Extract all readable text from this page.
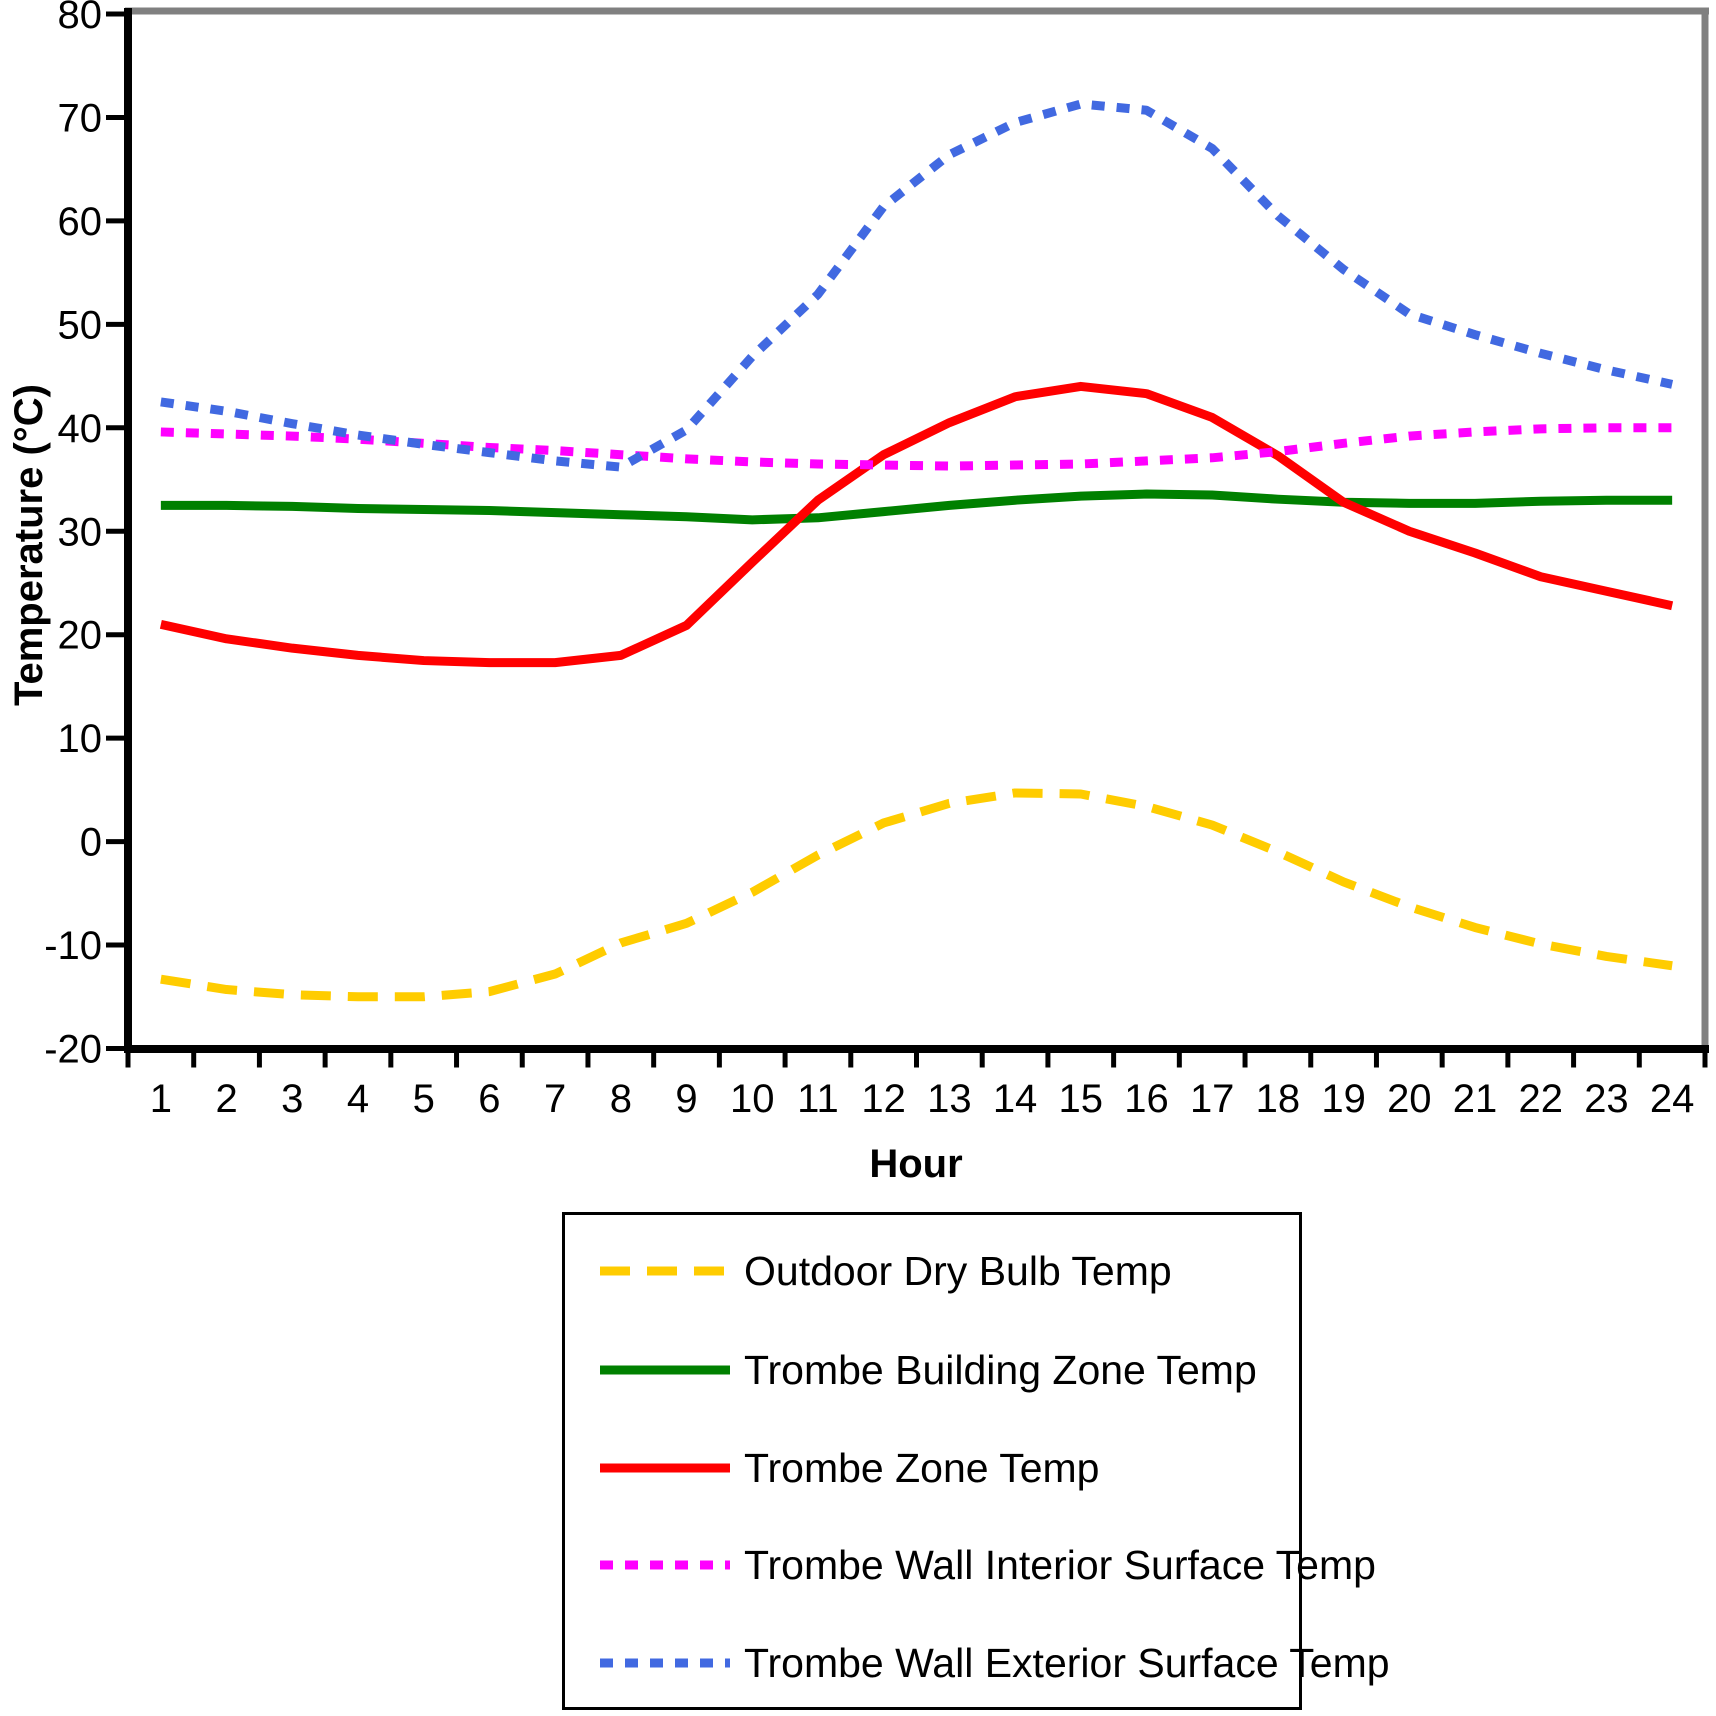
80
70
60
50
40
30
20
10
0
-10
-20
1 2 3 4 5 6 7 8 9 10 11 12 13 14 15 16 17 18 19 20 21 22 23 24
Temperature (°C)
Hour
Outdoor Dry Bulb Temp
Trombe Building Zone Temp
Trombe Zone Temp
Trombe Wall Interior Surface Temp
Trombe Wall Exterior Surface Temp
